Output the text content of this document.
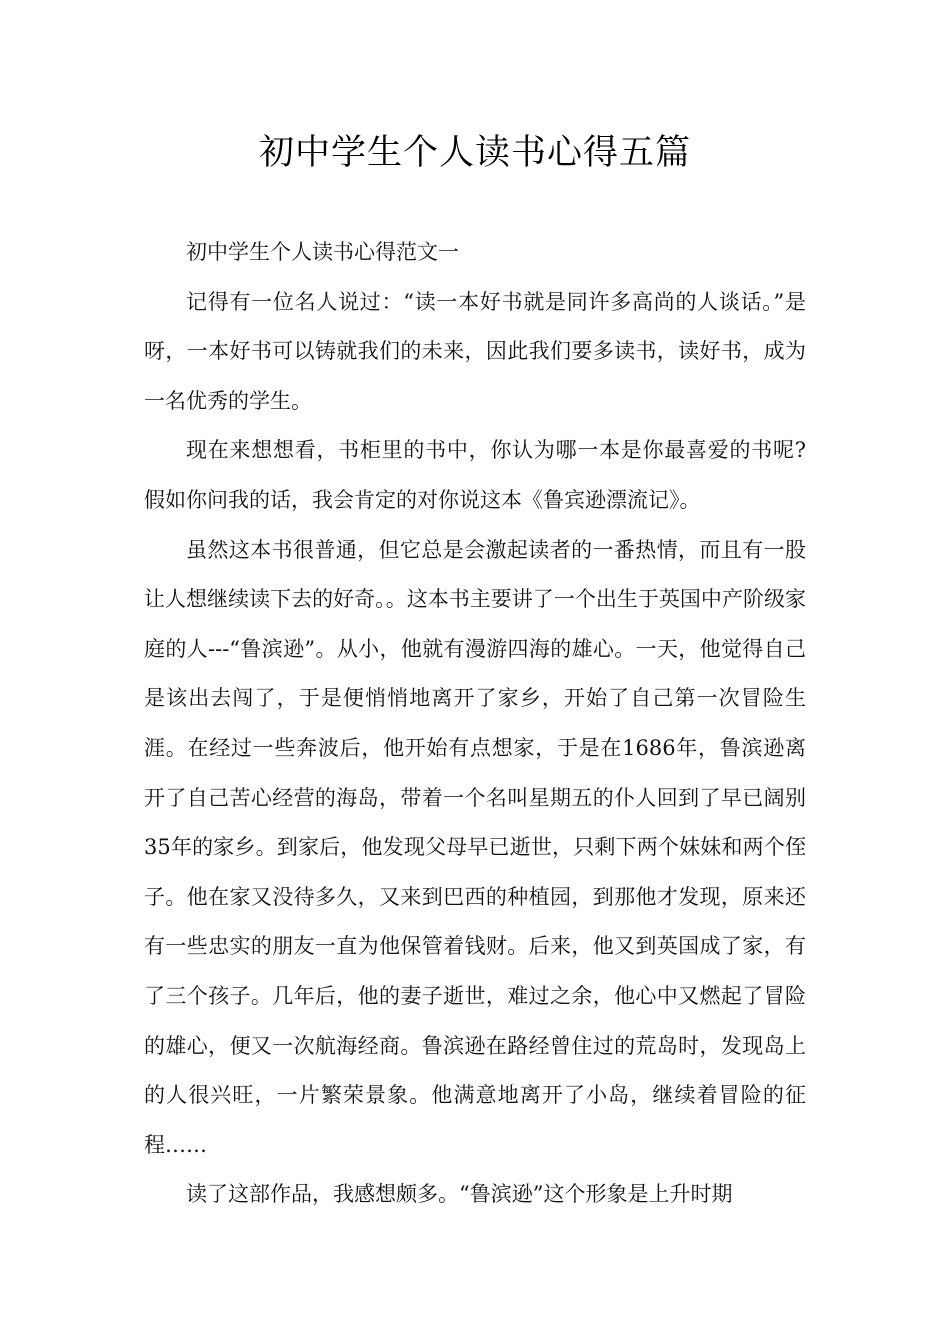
初中学生个人读书心得五篇

初中学生个人读书心得范文一

记得有一位名人说过：“读一本好书就是同许多高尚的人谈话。”是呀，一本好书可以铸就我们的未来，因此我们要多读书，读好书，成为一名优秀的学生。

现在来想想看，书柜里的书中，你认为哪一本是你最喜爱的书呢?假如你问我的话，我会肯定的对你说这本《鲁宾逊漂流记》。

虽然这本书很普通，但它总是会激起读者的一番热情，而且有一股让人想继续读下去的好奇。。这本书主要讲了一个出生于英国中产阶级家庭的人---“鲁滨逊”。从小，他就有漫游四海的雄心。一天，他觉得自己是该出去闯了，于是便悄悄地离开了家乡，开始了自己第一次冒险生涯。在经过一些奔波后，他开始有点想家，于是在1686年，鲁滨逊离开了自己苦心经营的海岛，带着一个名叫星期五的仆人回到了早已阔别35年的家乡。到家后，他发现父母早已逝世，只剩下两个妹妹和两个侄子。他在家又没待多久，又来到巴西的种植园，到那他才发现，原来还有一些忠实的朋友一直为他保管着钱财。后来，他又到英国成了家，有了三个孩子。几年后，他的妻子逝世，难过之余，他心中又燃起了冒险的雄心，便又一次航海经商。鲁滨逊在路经曾住过的荒岛时，发现岛上的人很兴旺，一片繁荣景象。他满意地离开了小岛，继续着冒险的征程……

读了这部作品，我感想颇多。“鲁滨逊”这个形象是上升时期
